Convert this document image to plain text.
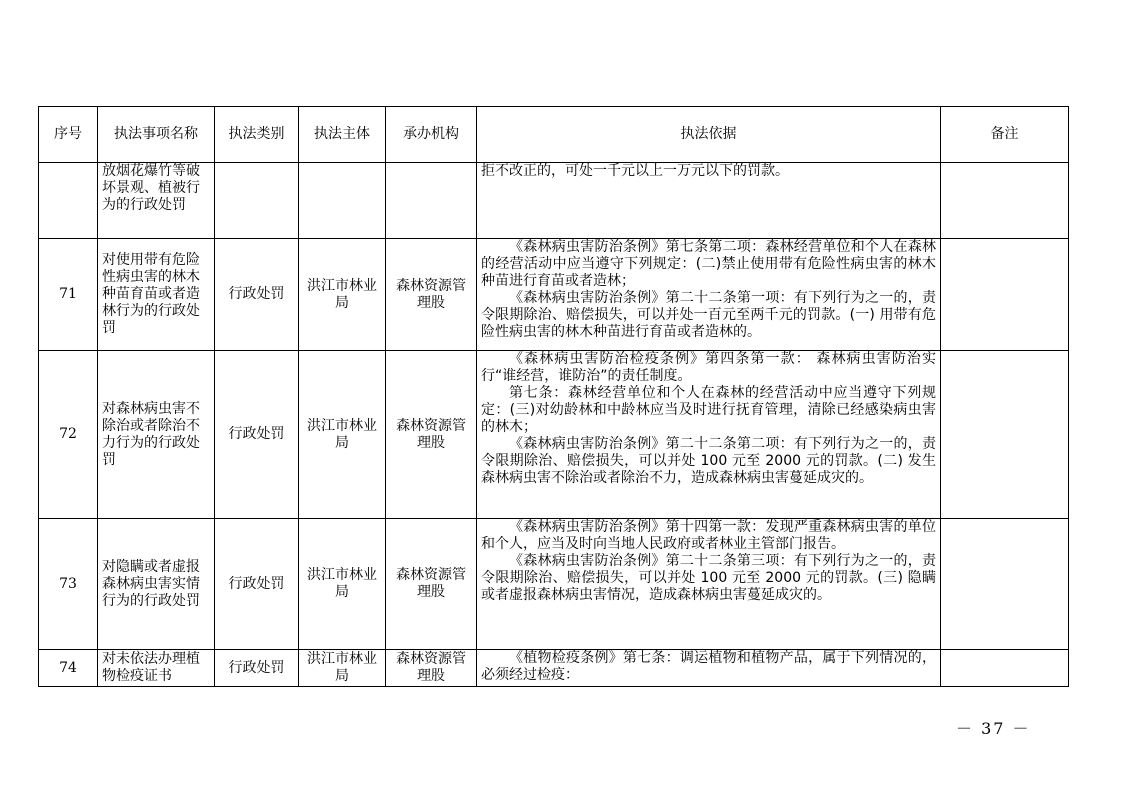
序号	执法事项名称	执法类别	执法主体	承办机构	执法依据	备注
	放烟花爆竹等破坏景观、植被行为的行政处罚				拒不改正的，可处一千元以上一万元以下的罚款。	

71	对使用带有危险性病虫害的林木种苗育苗或者造林行为的行政处罚	行政处罚	洪江市林业局	森林资源管理股	《森林病虫害防治条例》第七条第二项：森林经营单位和个人在森林的经营活动中应当遵守下列规定：(二)禁止使用带有危险性病虫害的林木种苗进行育苗或者造林；

《森林病虫害防治条例》第二十二条第一项：有下列行为之一的，责令限期除治、赔偿损失，可以并处一百元至两千元的罚款。(一) 用带有危险性病虫害的林木种苗进行育苗或者造林的。	

72	对森林病虫害不除治或者除治不力行为的行政处罚	行政处罚	洪江市林业局	森林资源管理股	《森林病虫害防治检疫条例》第四条第一款： 森林病虫害防治实行“谁经营，谁防治”的责任制度。

第七条：森林经营单位和个人在森林的经营活动中应当遵守下列规定：(三)对幼龄林和中龄林应当及时进行抚育管理，清除已经感染病虫害的林木；

《森林病虫害防治条例》第二十二条第二项：有下列行为之一的，责令限期除治、赔偿损失，可以并处 100 元至 2000 元的罚款。(二) 发生森林病虫害不除治或者除治不力，造成森林病虫害蔓延成灾的。	

73	对隐瞒或者虚报森林病虫害实情行为的行政处罚	行政处罚	洪江市林业局	森林资源管理股	《森林病虫害防治条例》第十四第一款：发现严重森林病虫害的单位和个人，应当及时向当地人民政府或者林业主管部门报告。

《森林病虫害防治条例》第二十二条第三项：有下列行为之一的，责令限期除治、赔偿损失，可以并处 100 元至 2000 元的罚款。(三) 隐瞒或者虚报森林病虫害情况，造成森林病虫害蔓延成灾的。	

74	对未依法办理植物检疫证书	行政处罚	洪江市林业局	森林资源管理股	《植物检疫条例》第七条：调运植物和植物产品，属于下列情况的，必须经过检疫：	

－ 37 －
